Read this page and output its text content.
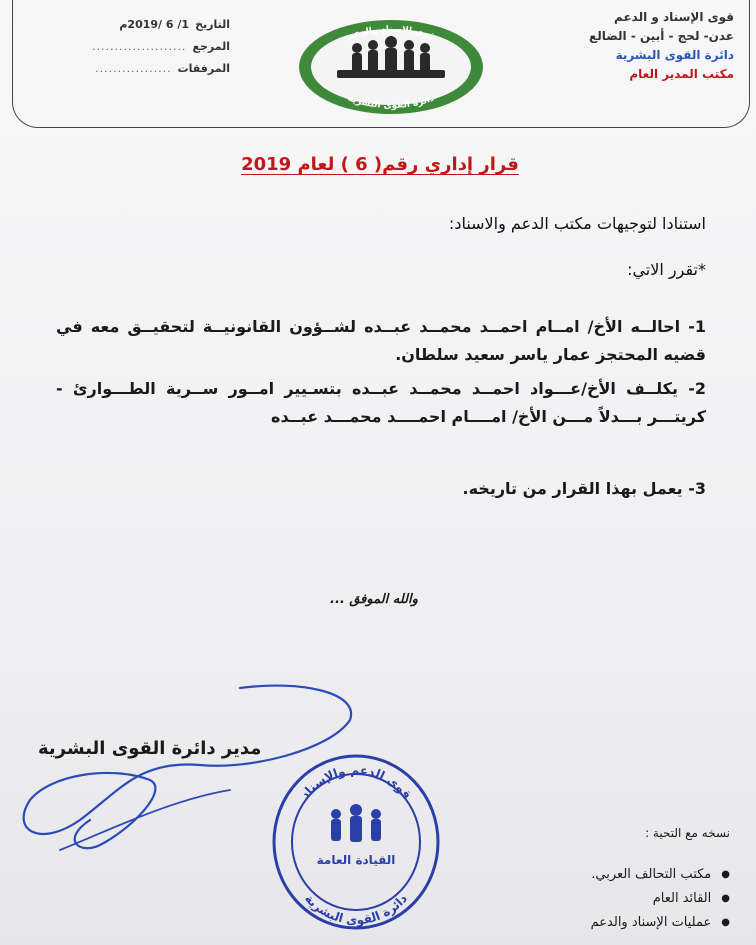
قوى الإسناد و الدعم
عدن- لحج - أبين - الضالع
دائرة القوى البشرية
مكتب المدير العام
التاريخ
1/ 6 /2019م
المرجع
.....................
المرفقات
.................
قوى الاسناد والدعم
دائرة القوى البشرية
قرار إداري رقم( 6 ) لعام 2019
استنادا لتوجيهات مكتب الدعم والاسناد:
*تقرر الاتي:
1- احالــه الأخ/ امــام احمــد محمــد عبــده لشــؤون القانونيــة لتحقيــق معه في قضيه المحتجز عمار ياسر سعيد سلطان.
2- يكلــف الأخ/عـــواد احمــد محمــد عبــده بتسـيير امــور ســرية الطـــوارئ - كريتـــر بـــدلاً مـــن الأخ/ امــــام احمــــد محمـــد عبــده
3- يعمل بهذا القرار من تاريخه.
والله الموفق ...
مدير دائرة القوى البشرية
قوى الدعم والإسناد
دائرة القوى البشرية
القيادة العامة
نسخه مع التحية :
●
مكتب التحالف العربي.
●
القائد العام
●
عمليات الإسناد والدعم
